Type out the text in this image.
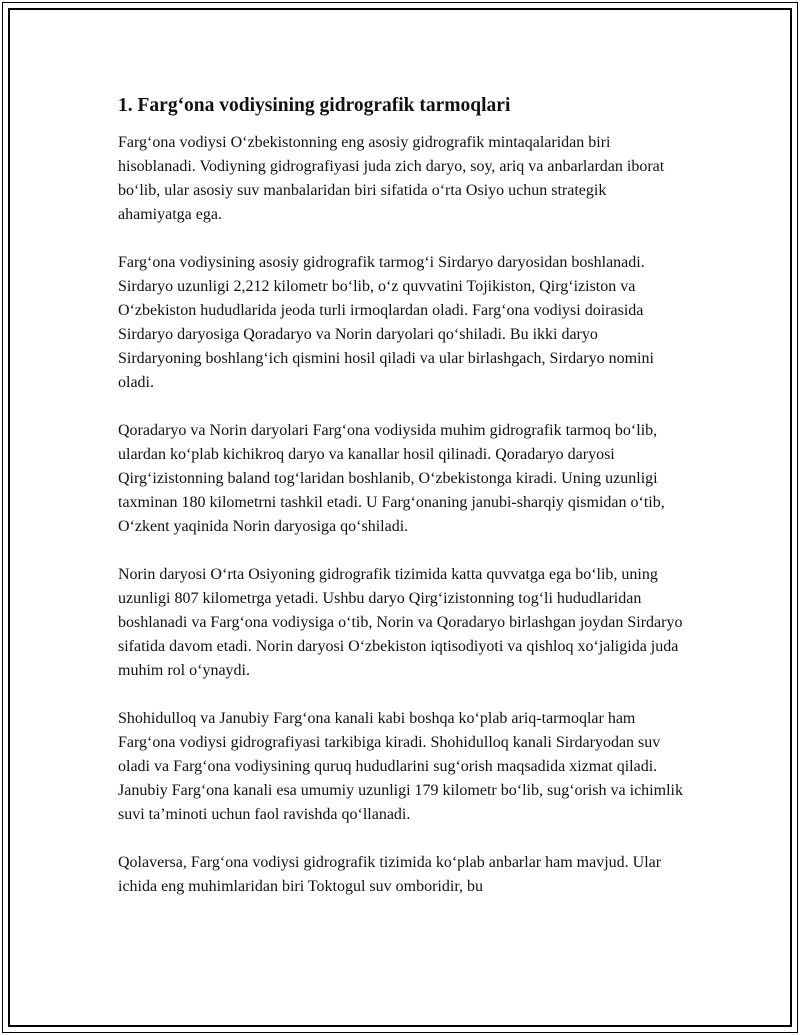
1. Farg‘ona vodiysining gidrografik tarmoqlari

Farg‘ona vodiysi O‘zbekistonning eng asosiy gidrografik mintaqalaridan biri hisoblanadi. Vodiyning gidrografiyasi juda zich daryo, soy, ariq va anbarlardan iborat bo‘lib, ular asosiy suv manbalaridan biri sifatida o‘rta Osiyo uchun strategik ahamiyatga ega.

Farg‘ona vodiysining asosiy gidrografik tarmog‘i Sirdaryo daryosidan boshlanadi. Sirdaryo uzunligi 2,212 kilometr bo‘lib, o‘z quvvatini Tojikiston, Qirg‘iziston va O‘zbekiston hududlarida jeoda turli irmoqlardan oladi. Farg‘ona vodiysi doirasida Sirdaryo daryosiga Qoradaryo va Norin daryolari qo‘shiladi. Bu ikki daryo Sirdaryoning boshlang‘ich qismini hosil qiladi va ular birlashgach, Sirdaryo nomini oladi.

Qoradaryo va Norin daryolari Farg‘ona vodiysida muhim gidrografik tarmoq bo‘lib, ulardan ko‘plab kichikroq daryo va kanallar hosil qilinadi. Qoradaryo daryosi Qirg‘izistonning baland tog‘laridan boshlanib, O‘zbekistonga kiradi. Uning uzunligi taxminan 180 kilometrni tashkil etadi. U Farg‘onaning janubi-sharqiy qismidan o‘tib, O‘zkent yaqinida Norin daryosiga qo‘shiladi.

Norin daryosi O‘rta Osiyoning gidrografik tizimida katta quvvatga ega bo‘lib, uning uzunligi 807 kilometrga yetadi. Ushbu daryo Qirg‘izistonning tog‘li hududlaridan boshlanadi va Farg‘ona vodiysiga o‘tib, Norin va Qoradaryo birlashgan joydan Sirdaryo sifatida davom etadi. Norin daryosi O‘zbekiston iqtisodiyoti va qishloq xo‘jaligida juda muhim rol o‘ynaydi.

Shohidulloq va Janubiy Farg‘ona kanali kabi boshqa ko‘plab ariq-tarmoqlar ham Farg‘ona vodiysi gidrografiyasi tarkibiga kiradi. Shohidulloq kanali Sirdaryodan suv oladi va Farg‘ona vodiysining quruq hududlarini sug‘orish maqsadida xizmat qiladi. Janubiy Farg‘ona kanali esa umumiy uzunligi 179 kilometr bo‘lib, sug‘orish va ichimlik suvi ta’minoti uchun faol ravishda qo‘llanadi.

Qolaversa, Farg‘ona vodiysi gidrografik tizimida ko‘plab anbarlar ham mavjud. Ular ichida eng muhimlaridan biri Toktogul suv omboridir, bu
